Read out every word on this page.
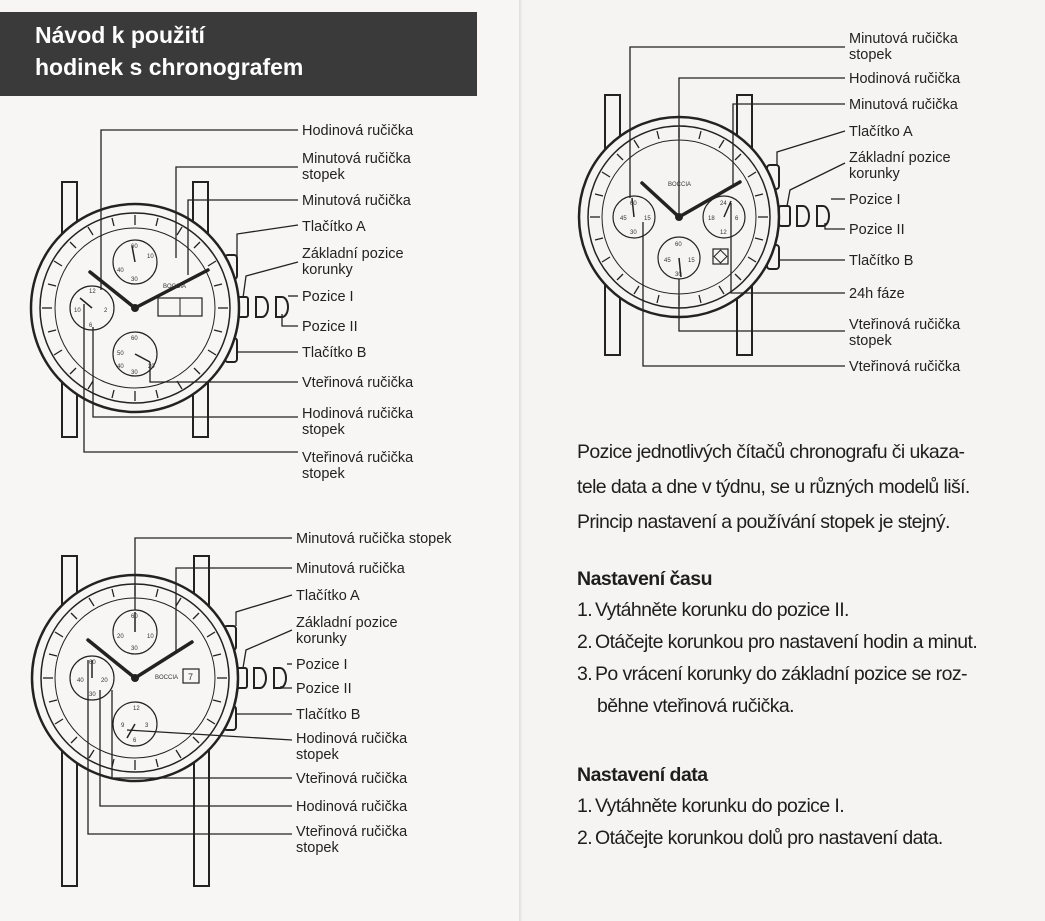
Návod k použití
hodinek s chronografem
60
10
40
30
12
10	2
6
60
50
40
30
20
BOCCIA
Hodinová ručička
Minutová ručička
stopek
Minutová ručička
Tlačítko A
Základní pozice
korunky
Pozice I
Pozice II
Tlačítko B
Vteřinová ručička
Hodinová ručička
stopek
Vteřinová ručička
stopek
60
10
20
30
60
20
40
30
12
3
9
6
BOCCIA 7
Minutová ručička stopek
Minutová ručička
Tlačítko A
Základní pozice
korunky
Pozice I
Pozice II
Tlačítko B
Hodinová ručička
stopek
Vteřinová ručička
Hodinová ručička
Vteřinová ručička
stopek
60
45	15
30
24
18	6
12
60
45	15
30
BOCCIA
Minutová ručička
stopek
Hodinová ručička
Minutová ručička
Tlačítko A
Základní pozice
korunky
Pozice I
Pozice II
Tlačítko B
24h fáze
Vteřinová ručička
stopek
Vteřinová ručička
Pozice jednotlivých čítačů chronografu či ukaza-
tele data a dne v týdnu, se u různých modelů liší.
Princip nastavení a používání stopek je stejný.
Nastavení času
1. Vytáhněte korunku do pozice II.
2. Otáčejte korunkou pro nastavení hodin a minut.
3. Po vrácení korunky do základní pozice se roz-
běhne vteřinová ručička.
Nastavení data
1. Vytáhněte korunku do pozice I.
2. Otáčejte korunkou dolů pro nastavení data.
